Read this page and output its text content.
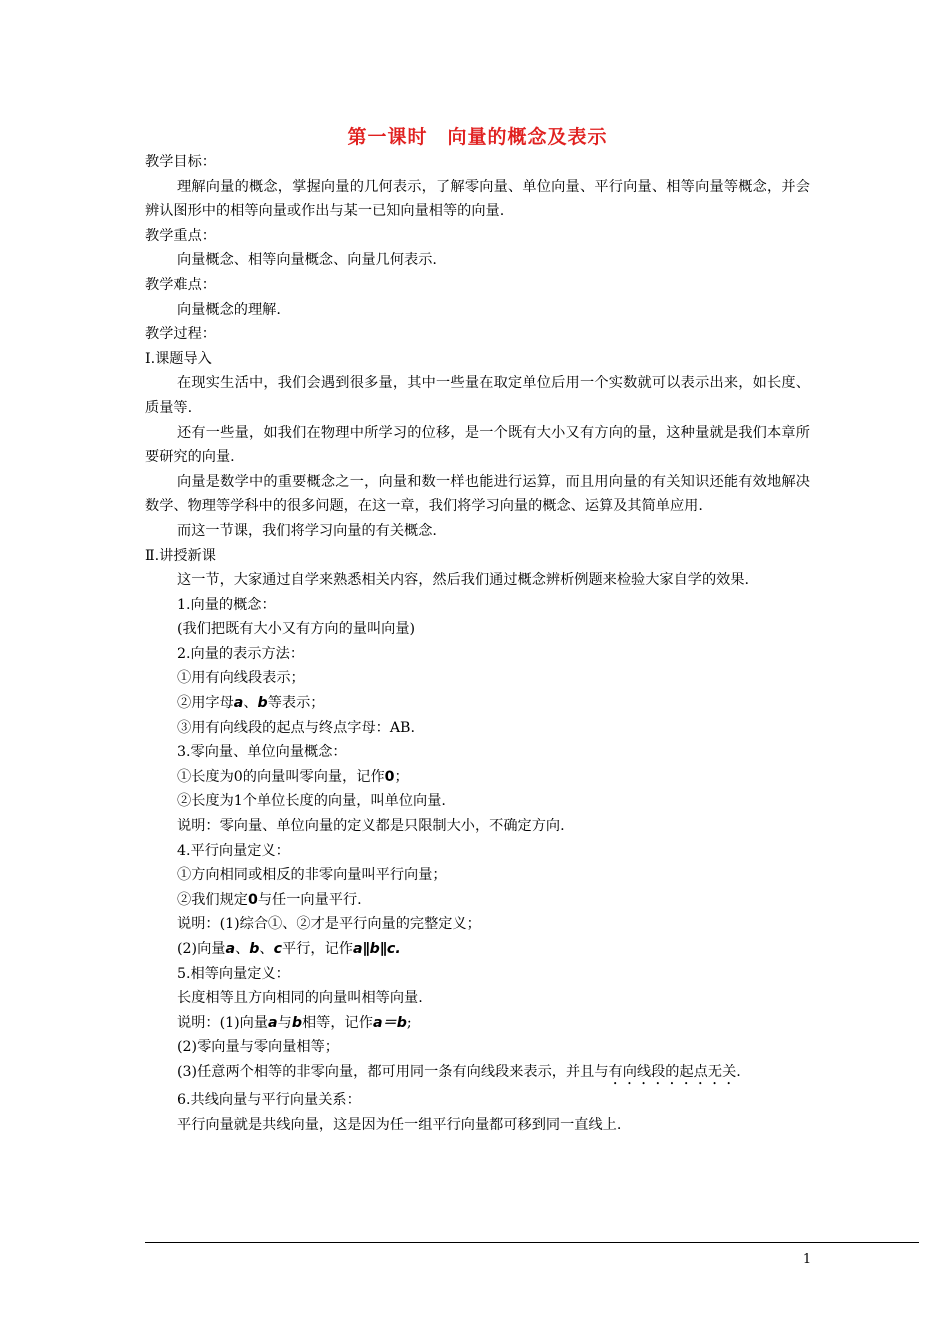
第一课时　向量的概念及表示
教学目标：
理解向量的概念，掌握向量的几何表示，了解零向量、单位向量、平行向量、相等向量等概念，并会辨认图形中的相等向量或作出与某一已知向量相等的向量.
教学重点：
向量概念、相等向量概念、向量几何表示.
教学难点：
向量概念的理解.
教学过程：
Ⅰ.课题导入
在现实生活中，我们会遇到很多量，其中一些量在取定单位后用一个实数就可以表示出来，如长度、质量等.
还有一些量，如我们在物理中所学习的位移，是一个既有大小又有方向的量，这种量就是我们本章所要研究的向量.
向量是数学中的重要概念之一，向量和数一样也能进行运算，而且用向量的有关知识还能有效地解决数学、物理等学科中的很多问题，在这一章，我们将学习向量的概念、运算及其简单应用.
而这一节课，我们将学习向量的有关概念.
Ⅱ.讲授新课
这一节，大家通过自学来熟悉相关内容，然后我们通过概念辨析例题来检验大家自学的效果.
1.向量的概念：
(我们把既有大小又有方向的量叫向量)
2.向量的表示方法：
①用有向线段表示；
②用字母a、b等表示；
③用有向线段的起点与终点字母：AB.
3.零向量、单位向量概念：
①长度为0的向量叫零向量，记作0；
②长度为1个单位长度的向量，叫单位向量.
说明：零向量、单位向量的定义都是只限制大小，不确定方向.
4.平行向量定义：
①方向相同或相反的非零向量叫平行向量；
②我们规定0与任一向量平行.
说明：(1)综合①、②才是平行向量的完整定义；
(2)向量a、b、c平行，记作a∥b∥c.
5.相等向量定义：
长度相等且方向相同的向量叫相等向量.
说明：(1)向量a与b相等，记作a＝b;
(2)零向量与零向量相等；
(3)任意两个相等的非零向量，都可用同一条有向线段来表示，并且与有向线段的起点无关.
6.共线向量与平行向量关系：
平行向量就是共线向量，这是因为任一组平行向量都可移到同一直线上.
1
